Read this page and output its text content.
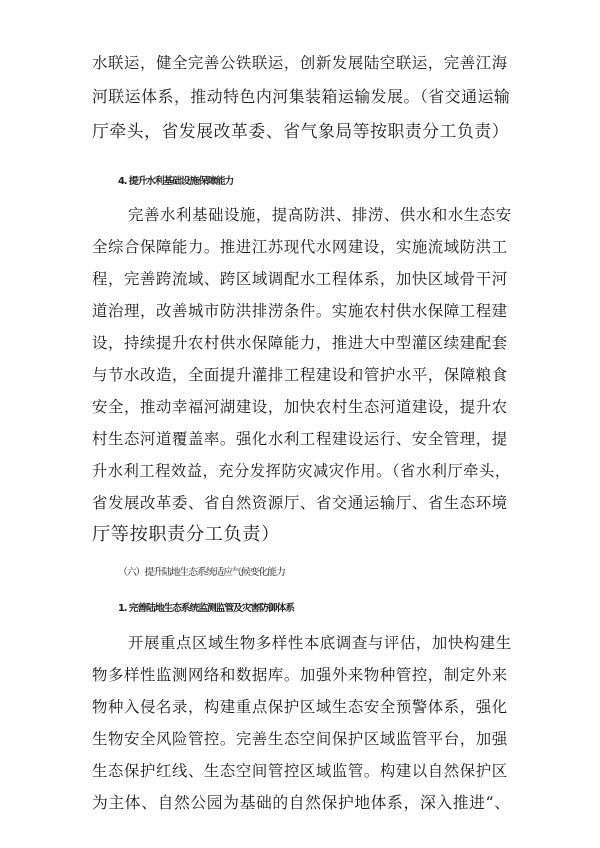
水联运，健全完善公铁联运，创新发展陆空联运，完善江海
河联运体系，推动特色内河集装箱运输发展。（省交通运输
厅牵头，省发展改革委、省气象局等按职责分工负责）
4. 提升水利基础设施保障能力
完善水利基础设施，提高防洪、排涝、供水和水生态安
全综合保障能力。推进江苏现代水网建设，实施流域防洪工
程，完善跨流域、跨区域调配水工程体系，加快区域骨干河
道治理，改善城市防洪排涝条件。实施农村供水保障工程建
设，持续提升农村供水保障能力，推进大中型灌区续建配套
与节水改造，全面提升灌排工程建设和管护水平，保障粮食
安全，推动幸福河湖建设，加快农村生态河道建设，提升农
村生态河道覆盖率。强化水利工程建设运行、安全管理，提
升水利工程效益，充分发挥防灾减灾作用。（省水利厅牵头，
省发展改革委、省自然资源厅、省交通运输厅、省生态环境
厅等按职责分工负责）
（六）提升陆地生态系统适应气候变化能力
1. 完善陆地生态系统监测监管及灾害防御体系
开展重点区域生物多样性本底调查与评估，加快构建生
物多样性监测网络和数据库。加强外来物种管控，制定外来
物种入侵名录，构建重点保护区域生态安全预警体系，强化
生物安全风险管控。完善生态空间保护区域监管平台，加强
生态保护红线、生态空间管控区域监管。构建以自然保护区
为主体、自然公园为基础的自然保护地体系，深入推进“、
